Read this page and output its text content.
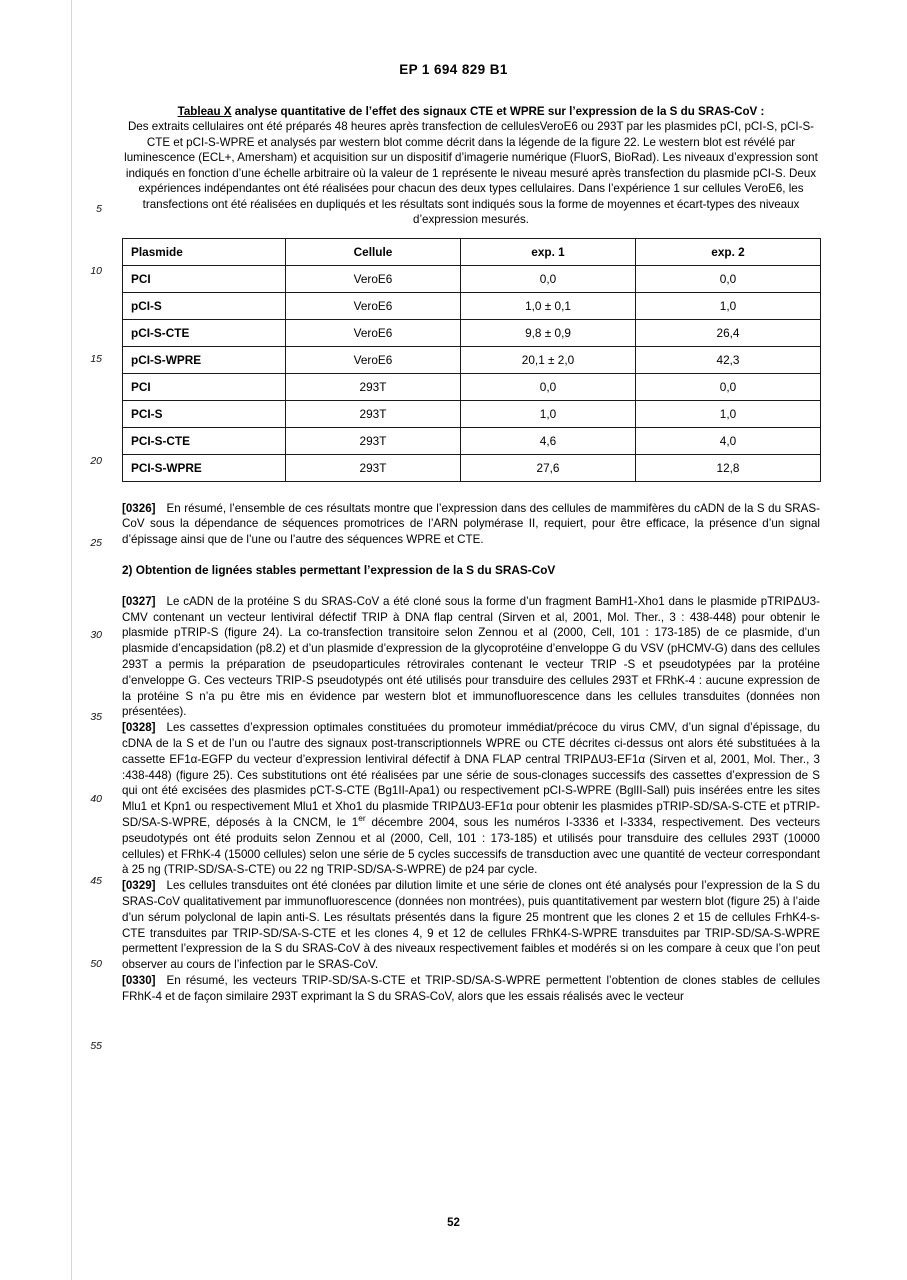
EP 1 694 829 B1
5
10
15
20
25
30
35
40
45
50
55

Tableau X analyse quantitative de l’effet des signaux CTE et WPRE sur l’expression de la S du SRAS-CoV :
Des extraits cellulaires ont été préparés 48 heures après transfection de cellulesVeroE6 ou 293T par les plasmides pCI, pCI-S, pCI-S-CTE et pCI-S-WPRE et analysés par western blot comme décrit dans la légende de la figure 22. Le western blot est révélé par luminescence (ECL+, Amersham) et acquisition sur un dispositif d’imagerie numérique (FluorS, BioRad). Les niveaux d’expression sont indiqués en fonction d’une échelle arbitraire où la valeur de 1 représente le niveau mesuré après transfection du plasmide pCI-S. Deux expériences indépendantes ont été réalisées pour chacun des deux types cellulaires. Dans l’expérience 1 sur cellules VeroE6, les transfections ont été réalisées en dupliqués et les résultats sont indiqués sous la forme de moyennes et écart-types des niveaux d’expression mesurés.

Plasmide	Cellule	exp. 1	exp. 2
PCI	VeroE6	0,0	0,0
pCI-S	VeroE6	1,0 ± 0,1	1,0
pCI-S-CTE	VeroE6	9,8 ± 0,9	26,4
pCI-S-WPRE	VeroE6	20,1 ± 2,0	42,3
PCI	293T	0,0	0,0
PCI-S	293T	1,0	1,0
PCI-S-CTE	293T	4,6	4,0
PCI-S-WPRE	293T	27,6	12,8

[0326] En résumé, l’ensemble de ces résultats montre que l’expression dans des cellules de mammifères du cADN de la S du SRAS-CoV sous la dépendance de séquences promotrices de l’ARN polymérase II, requiert, pour être efficace, la présence d’un signal d’épissage ainsi que de l’une ou l’autre des séquences WPRE et CTE.

2) Obtention de lignées stables permettant l’expression de la S du SRAS-CoV

[0327] Le cADN de la protéine S du SRAS-CoV a été cloné sous la forme d’un fragment BamH1-Xho1 dans le plasmide pTRIPΔU3-CMV contenant un vecteur lentiviral défectif TRIP à DNA flap central (Sirven et al, 2001, Mol. Ther., 3 : 438-448) pour obtenir le plasmide pTRIP-S (figure 24). La co-transfection transitoire selon Zennou et al (2000, Cell, 101 : 173-185) de ce plasmide, d’un plasmide d’encapsidation (p8.2) et d’un plasmide d’expression de la glycoprotéine d’enveloppe G du VSV (pHCMV-G) dans des cellules 293T a permis la préparation de pseudoparticules rétrovirales contenant le vecteur TRIP -S et pseudotypées par la protéine d’enveloppe G. Ces vecteurs TRIP-S pseudotypés ont été utilisés pour transduire des cellules 293T et FRhK-4 : aucune expression de la protéine S n’a pu être mis en évidence par western blot et immunofluorescence dans les cellules transduites (données non présentées).

[0328] Les cassettes d’expression optimales constituées du promoteur immédiat/précoce du virus CMV, d’un signal d’épissage, du cDNA de la S et de l’un ou l’autre des signaux post-transcriptionnels WPRE ou CTE décrites ci-dessus ont alors été substituées à la cassette EF1α-EGFP du vecteur d’expression lentiviral défectif à DNA FLAP central TRIPΔU3-EF1α (Sirven et al, 2001, Mol. Ther., 3 :438-448) (figure 25). Ces substitutions ont été réalisées par une série de sous-clonages successifs des cassettes d’expression de S qui ont été excisées des plasmides pCT-S-CTE (Bg1II-Apa1) ou respectivement pCI-S-WPRE (BglII-Sall) puis insérées entre les sites Mlu1 et Kpn1 ou respectivement Mlu1 et Xho1 du plasmide TRIPΔU3-EF1α pour obtenir les plasmides pTRIP-SD/SA-S-CTE et pTRIP-SD/SA-S-WPRE, déposés à la CNCM, le 1er décembre 2004, sous les numéros I-3336 et I-3334, respectivement. Des vecteurs pseudotypés ont été produits selon Zennou et al (2000, Cell, 101 : 173-185) et utilisés pour transduire des cellules 293T (10000 cellules) et FRhK-4 (15000 cellules) selon une série de 5 cycles successifs de transduction avec une quantité de vecteur correspondant à 25 ng (TRIP-SD/SA-S-CTE) ou 22 ng TRIP-SD/SA-S-WPRE) de p24 par cycle.

[0329] Les cellules transduites ont été clonées par dilution limite et une série de clones ont été analysés pour l’expression de la S du SRAS-CoV qualitativement par immunofluorescence (données non montrées), puis quantitativement par western blot (figure 25) à l’aide d’un sérum polyclonal de lapin anti-S. Les résultats présentés dans la figure 25 montrent que les clones 2 et 15 de cellules FrhK4-s-CTE transduites par TRIP-SD/SA-S-CTE et les clones 4, 9 et 12 de cellules FRhK4-S-WPRE transduites par TRIP-SD/SA-S-WPRE permettent l’expression de la S du SRAS-CoV à des niveaux respectivement faibles et modérés si on les compare à ceux que l’on peut observer au cours de l’infection par le SRAS-CoV.

[0330] En résumé, les vecteurs TRIP-SD/SA-S-CTE et TRIP-SD/SA-S-WPRE permettent l’obtention de clones stables de cellules FRhK-4 et de façon similaire 293T exprimant la S du SRAS-CoV, alors que les essais réalisés avec le vecteur

52
